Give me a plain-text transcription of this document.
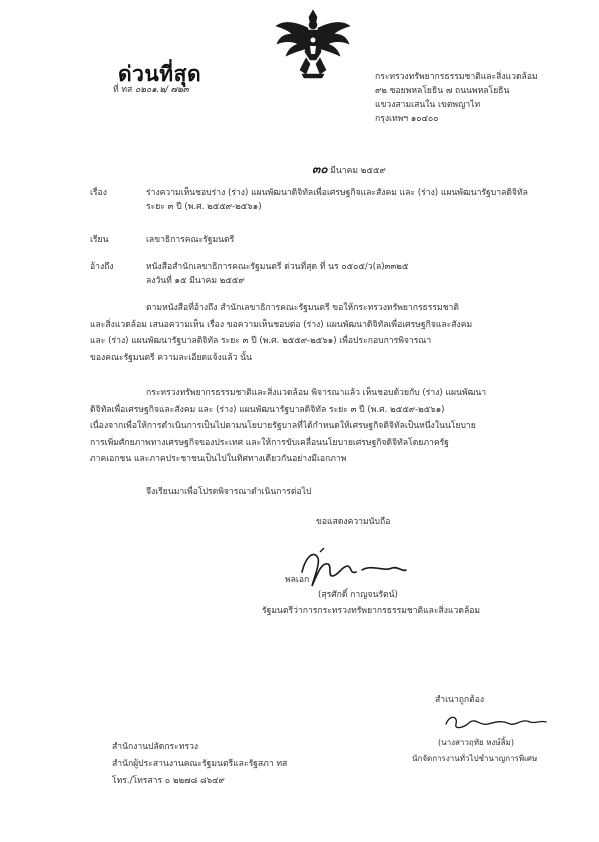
ด่วนที่สุด
ที่ ทส ๐๒๐๑.๒/ ๗๒๓
กระทรวงทรัพยากรธรรมชาติและสิ่งแวดล้อม
๙๒ ซอยพหลโยธิน ๗ ถนนพหลโยธิน
แขวงสามเสนใน เขตพญาไท
กรุงเทพฯ ๑๐๔๐๐
๓๐ มีนาคม ๒๕๕๙
เรื่อง	ร่างความเห็นชอบร่าง (ร่าง) แผนพัฒนาดิจิทัลเพื่อเศรษฐกิจและสังคม และ (ร่าง) แผนพัฒนารัฐบาลดิจิทัล
ระยะ ๓ ปี (พ.ศ. ๒๕๕๙-๒๕๖๑)
เรียน	เลขาธิการคณะรัฐมนตรี
อ้างถึง	หนังสือสำนักเลขาธิการคณะรัฐมนตรี ด่วนที่สุด ที่ นร ๐๕๐๕/ว(ล)๓๓๒๕
ลงวันที่ ๑๕ มีนาคม ๒๕๕๙
ตามหนังสือที่อ้างถึง สำนักเลขาธิการคณะรัฐมนตรี ขอให้กระทรวงทรัพยากรธรรมชาติ
และสิ่งแวดล้อม เสนอความเห็น เรื่อง ขอความเห็นชอบต่อ (ร่าง) แผนพัฒนาดิจิทัลเพื่อเศรษฐกิจและสังคม
และ (ร่าง) แผนพัฒนารัฐบาลดิจิทัล ระยะ ๓ ปี (พ.ศ. ๒๕๕๙-๒๕๖๑) เพื่อประกอบการพิจารณา
ของคณะรัฐมนตรี ความละเอียดแจ้งแล้ว นั้น
กระทรวงทรัพยากรธรรมชาติและสิ่งแวดล้อม พิจารณาแล้ว เห็นชอบด้วยกับ (ร่าง) แผนพัฒนา
ดิจิทัลเพื่อเศรษฐกิจและสังคม และ (ร่าง) แผนพัฒนารัฐบาลดิจิทัล ระยะ ๓ ปี (พ.ศ. ๒๕๕๙-๒๕๖๑)
เนื่องจากเพื่อให้การดำเนินการเป็นไปตามนโยบายรัฐบาลที่ได้กำหนดให้เศรษฐกิจดิจิทัลเป็นหนึ่งในนโยบาย
การเพิ่มศักยภาพทางเศรษฐกิจของประเทศ และให้การขับเคลื่อนนโยบายเศรษฐกิจดิจิทัลโดยภาครัฐ
ภาคเอกชน และภาคประชาชนเป็นไปในทิศทางเดียวกันอย่างมีเอกภาพ
จึงเรียนมาเพื่อโปรดพิจารณาดำเนินการต่อไป
ขอแสดงความนับถือ
พลเอก
(สุรศักดิ์ กาญจนรัตน์)
รัฐมนตรีว่าการกระทรวงทรัพยากรธรรมชาติและสิ่งแวดล้อม
สำเนาถูกต้อง
(นางสาวฤทัย หงษ์ลิ้ม)
นักจัดการงานทั่วไปชำนาญการพิเศษ
สำนักงานปลัดกระทรวง
สำนักผู้ประสานงานคณะรัฐมนตรีและรัฐสภา ทส
โทร./โทรสาร ๐ ๒๒๗๘ ๘๖๔๙
